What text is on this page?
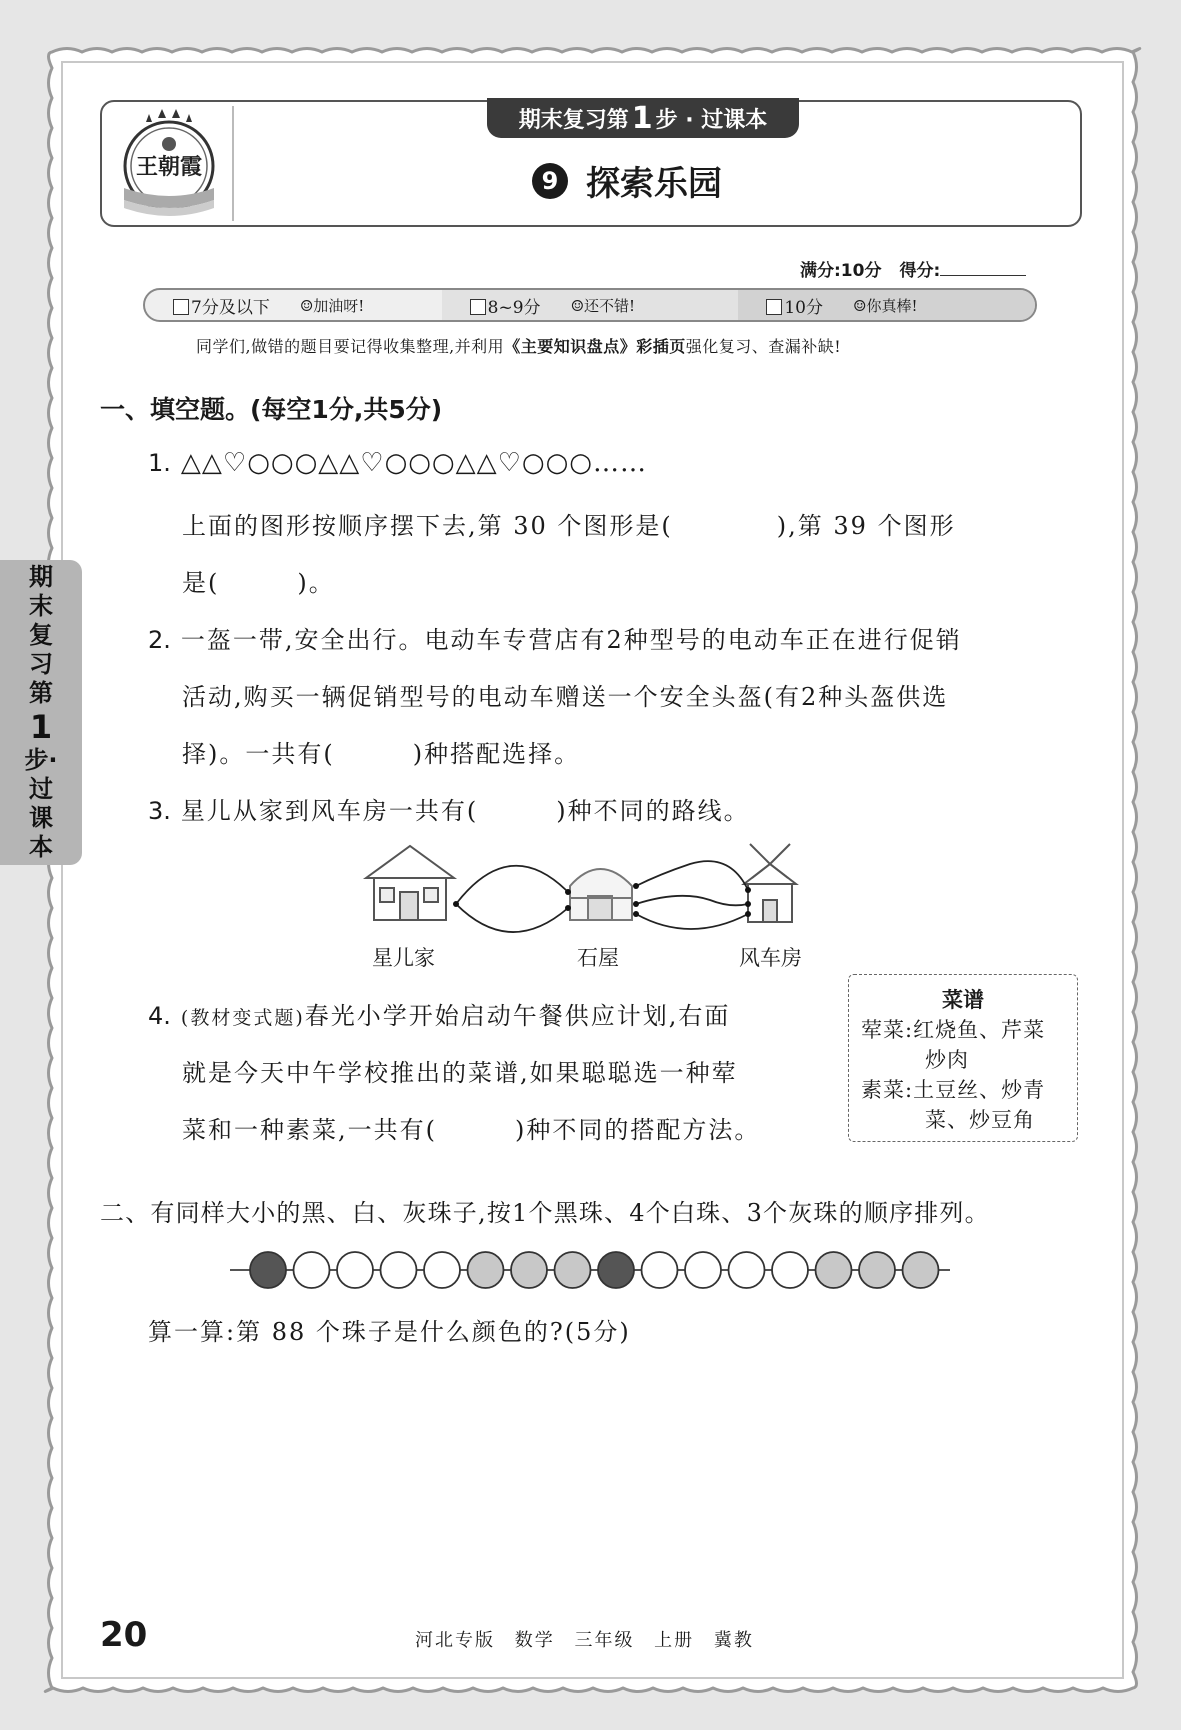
王朝霞
期末复习第 1 步 · 过课本
9 探索乐园
满分:10分 得分:
7分及以下 ☺加油呀!	8~9分 ☺还不错!	10分 ☺你真棒!
同学们,做错的题目要记得收集整理,并利用《主要知识盘点》彩插页强化复习、查漏补缺!
期
末
复
习
第
1
步·
过
课
本
一、填空题。(每空1分,共5分)
1. △△♡○○○△△♡○○○△△♡○○○……
上面的图形按顺序摆下去,第 30 个图形是(　　　　),第 39 个图形
是(　　　)。
2. 一盔一带,安全出行。电动车专营店有2种型号的电动车正在进行促销
活动,购买一辆促销型号的电动车赠送一个安全头盔(有2种头盔供选
择)。一共有(　　　)种搭配选择。
3. 星儿从家到风车房一共有(　　　)种不同的路线。
星儿家	石屋	风车房
4. (教材变式题)春光小学开始启动午餐供应计划,右面
就是今天中午学校推出的菜谱,如果聪聪选一种荤
菜和一种素菜,一共有(　　　)种不同的搭配方法。
菜谱
荤菜:红烧鱼、芹菜
炒肉
素菜:土豆丝、炒青
菜、炒豆角
二、有同样大小的黑、白、灰珠子,按1个黑珠、4个白珠、3个灰珠的顺序排列。
算一算:第 88 个珠子是什么颜色的?(5分)
20	河北专版 数学 三年级 上册 冀教
